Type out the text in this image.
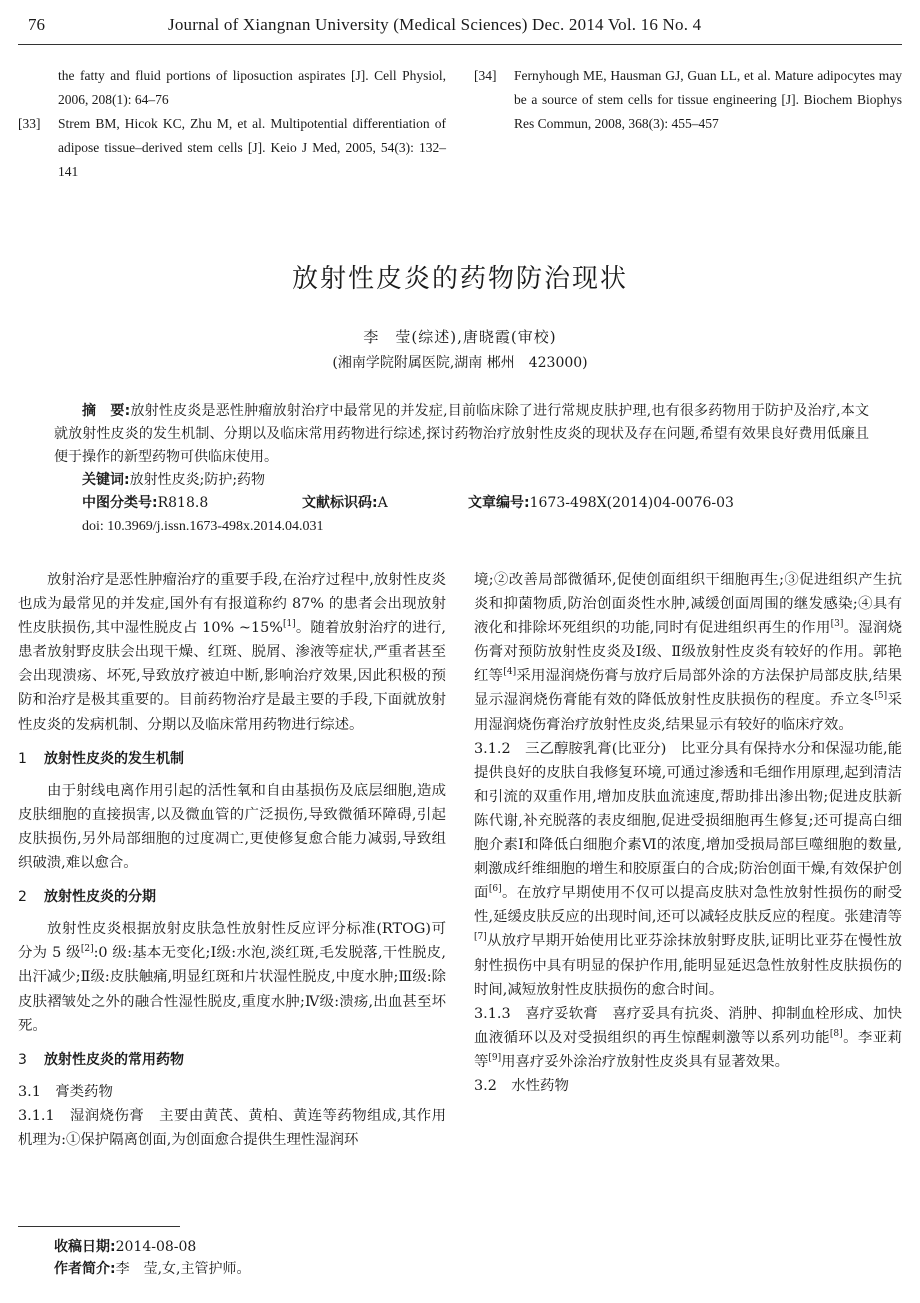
76	Journal of Xiangnan University (Medical Sciences) Dec. 2014 Vol. 16 No. 4
the fatty and fluid portions of liposuction aspirates [J]. Cell Physiol, 2006, 208(1): 64–76
[33]	Strem BM, Hicok KC, Zhu M, et al. Multipotential differentiation of adipose tissue–derived stem cells [J]. Keio J Med, 2005, 54(3): 132–141
[34]	Fernyhough ME, Hausman GJ, Guan LL, et al. Mature adipocytes may be a source of stem cells for tissue engineering [J]. Biochem Biophys Res Commun, 2008, 368(3): 455–457
放射性皮炎的药物防治现状
李　莹(综述),唐晓霞(审校)
(湘南学院附属医院,湖南 郴州　423000)

摘　要:放射性皮炎是恶性肿瘤放射治疗中最常见的并发症,目前临床除了进行常规皮肤护理,也有很多药物用于防护及治疗,本文就放射性皮炎的发生机制、分期以及临床常用药物进行综述,探讨药物治疗放射性皮炎的现状及存在问题,希望有效果良好费用低廉且便于操作的新型药物可供临床使用。

关键词:放射性皮炎;防护;药物
中图分类号:R818.8	文献标识码:A	文章编号:1673-498X(2014)04-0076-03
doi: 10.3969/j.issn.1673-498x.2014.04.031

放射治疗是恶性肿瘤治疗的重要手段,在治疗过程中,放射性皮炎也成为最常见的并发症,国外有有报道称约 87% 的患者会出现放射性皮肤损伤,其中湿性脱皮占 10% ~15%[1]。随着放射治疗的进行,患者放射野皮肤会出现干燥、红斑、脱屑、渗液等症状,严重者甚至会出现溃疡、坏死,导致放疗被迫中断,影响治疗效果,因此积极的预防和治疗是极其重要的。目前药物治疗是最主要的手段,下面就放射性皮炎的发病机制、分期以及临床常用药物进行综述。

1 放射性皮炎的发生机制

由于射线电离作用引起的活性氧和自由基损伤及底层细胞,造成皮肤细胞的直接损害,以及微血管的广泛损伤,导致微循环障碍,引起皮肤损伤,另外局部细胞的过度凋亡,更使修复愈合能力减弱,导致组织破溃,难以愈合。

2 放射性皮炎的分期

放射性皮炎根据放射皮肤急性放射性反应评分标准(RTOG)可分为 5 级[2]:0 级:基本无变化;Ⅰ级:水泡,淡红斑,毛发脱落,干性脱皮,出汗减少;Ⅱ级:皮肤触痛,明显红斑和片状湿性脱皮,中度水肿;Ⅲ级:除皮肤褶皱处之外的融合性湿性脱皮,重度水肿;Ⅳ级:溃疡,出血甚至坏死。

3 放射性皮炎的常用药物

3.1　膏类药物

3.1.1　湿润烧伤膏　主要由黄芪、黄柏、黄连等药物组成,其作用机理为:①保护隔离创面,为创面愈合提供生理性湿润环

境;②改善局部微循环,促使创面组织干细胞再生;③促进组织产生抗炎和抑菌物质,防治创面炎性水肿,减缓创面周围的继发感染;④具有液化和排除坏死组织的功能,同时有促进组织再生的作用[3]。湿润烧伤膏对预防放射性皮炎及Ⅰ级、Ⅱ级放射性皮炎有较好的作用。郭艳红等[4]采用湿润烧伤膏与放疗后局部外涂的方法保护局部皮肤,结果显示湿润烧伤膏能有效的降低放射性皮肤损伤的程度。乔立冬[5]采用湿润烧伤膏治疗放射性皮炎,结果显示有较好的临床疗效。

3.1.2　三乙醇胺乳膏(比亚分)　比亚分具有保持水分和保湿功能,能提供良好的皮肤自我修复环境,可通过渗透和毛细作用原理,起到清洁和引流的双重作用,增加皮肤血流速度,帮助排出渗出物;促进皮肤新陈代谢,补充脱落的表皮细胞,促进受损细胞再生修复;还可提高白细胞介素Ⅰ和降低白细胞介素Ⅵ的浓度,增加受损局部巨噬细胞的数量,刺激成纤维细胞的增生和胶原蛋白的合成;防治创面干燥,有效保护创面[6]。在放疗早期使用不仅可以提高皮肤对急性放射性损伤的耐受性,延缓皮肤反应的出现时间,还可以减轻皮肤反应的程度。张建清等[7]从放疗早期开始使用比亚芬涂抹放射野皮肤,证明比亚芬在慢性放射性损伤中具有明显的保护作用,能明显延迟急性放射性皮肤损伤的时间,减短放射性皮肤损伤的愈合时间。

3.1.3　喜疗妥软膏　喜疗妥具有抗炎、消肿、抑制血栓形成、加快血液循环以及对受损组织的再生惊醒刺激等以系列功能[8]。李亚莉等[9]用喜疗妥外涂治疗放射性皮炎具有显著效果。

3.2　水性药物

收稿日期:2014-08-08
作者简介:李　莹,女,主管护师。
